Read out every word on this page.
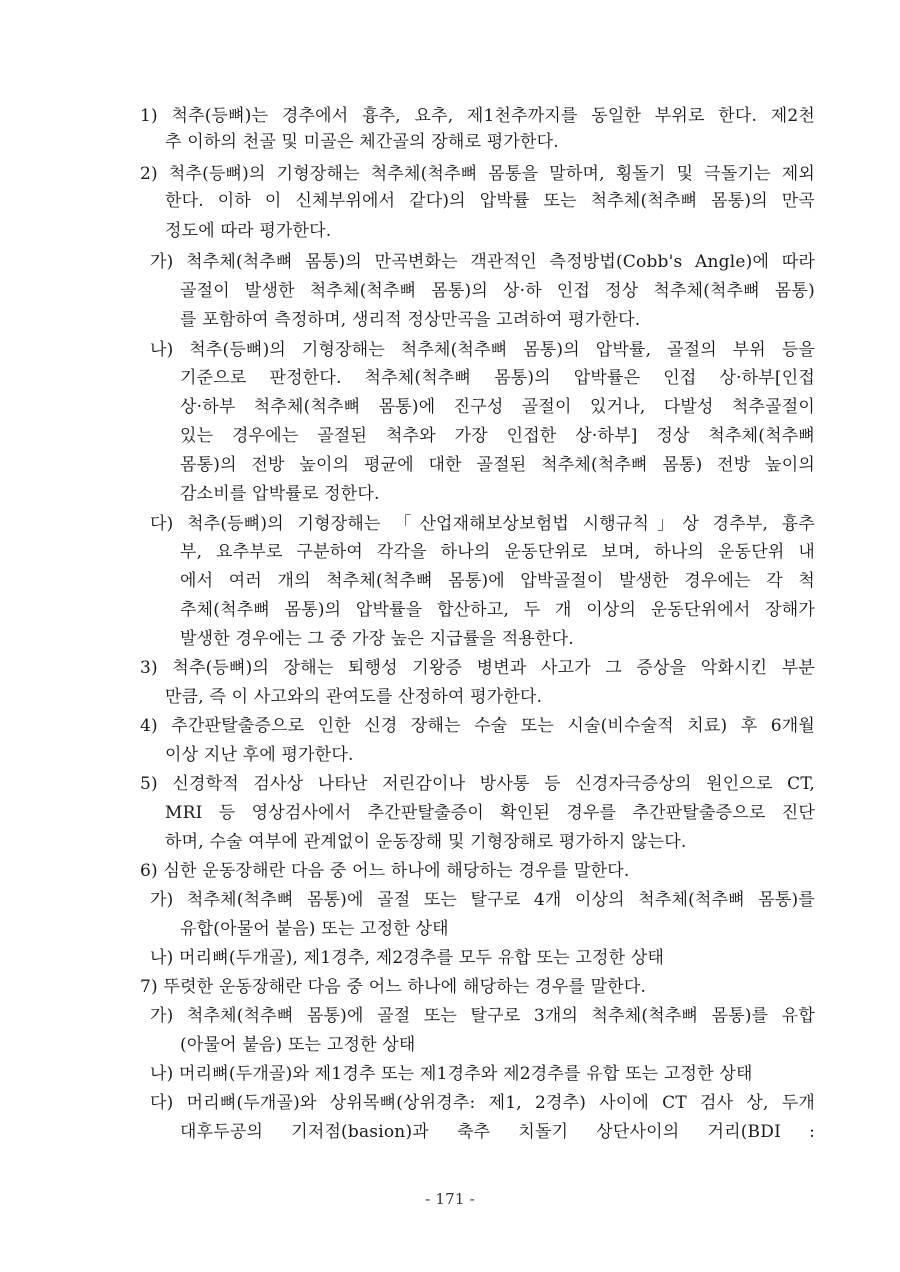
1) 척추(등뼈)는 경추에서 흉추, 요추, 제1천추까지를 동일한 부위로 한다. 제2천
추 이하의 천골 및 미골은 체간골의 장해로 평가한다.
2) 척추(등뼈)의 기형장해는 척추체(척추뼈 몸통을 말하며, 횡돌기 및 극돌기는 제외
한다. 이하 이 신체부위에서 같다)의 압박률 또는 척추체(척추뼈 몸통)의 만곡
정도에 따라 평가한다.
가) 척추체(척추뼈 몸통)의 만곡변화는 객관적인 측정방법(Cobb's Angle)에 따라
골절이 발생한 척추체(척추뼈 몸통)의 상·하 인접 정상 척추체(척추뼈 몸통)
를 포함하여 측정하며, 생리적 정상만곡을 고려하여 평가한다.
나) 척추(등뼈)의 기형장해는 척추체(척추뼈 몸통)의 압박률, 골절의 부위 등을
기준으로 판정한다. 척추체(척추뼈 몸통)의 압박률은 인접 상·하부[인접
상·하부 척추체(척추뼈 몸통)에 진구성 골절이 있거나, 다발성 척추골절이
있는 경우에는 골절된 척추와 가장 인접한 상·하부] 정상 척추체(척추뼈
몸통)의 전방 높이의 평균에 대한 골절된 척추체(척추뼈 몸통) 전방 높이의
감소비를 압박률로 정한다.
다) 척추(등뼈)의 기형장해는 「산업재해보상보험법 시행규칙」상 경추부, 흉추
부, 요추부로 구분하여 각각을 하나의 운동단위로 보며, 하나의 운동단위 내
에서 여러 개의 척추체(척추뼈 몸통)에 압박골절이 발생한 경우에는 각 척
추체(척추뼈 몸통)의 압박률을 합산하고, 두 개 이상의 운동단위에서 장해가
발생한 경우에는 그 중 가장 높은 지급률을 적용한다.
3) 척추(등뼈)의 장해는 퇴행성 기왕증 병변과 사고가 그 증상을 악화시킨 부분
만큼, 즉 이 사고와의 관여도를 산정하여 평가한다.
4) 추간판탈출증으로 인한 신경 장해는 수술 또는 시술(비수술적 치료) 후 6개월
이상 지난 후에 평가한다.
5) 신경학적 검사상 나타난 저린감이나 방사통 등 신경자극증상의 원인으로 CT,
MRI 등 영상검사에서 추간판탈출증이 확인된 경우를 추간판탈출증으로 진단
하며, 수술 여부에 관계없이 운동장해 및 기형장해로 평가하지 않는다.
6) 심한 운동장해란 다음 중 어느 하나에 해당하는 경우를 말한다.
가) 척추체(척추뼈 몸통)에 골절 또는 탈구로 4개 이상의 척추체(척추뼈 몸통)를
유합(아물어 붙음) 또는 고정한 상태
나) 머리뼈(두개골), 제1경추, 제2경추를 모두 유합 또는 고정한 상태
7) 뚜렷한 운동장해란 다음 중 어느 하나에 해당하는 경우를 말한다.
가) 척추체(척추뼈 몸통)에 골절 또는 탈구로 3개의 척추체(척추뼈 몸통)를 유합
(아물어 붙음) 또는 고정한 상태
나) 머리뼈(두개골)와 제1경추 또는 제1경추와 제2경추를 유합 또는 고정한 상태
다) 머리뼈(두개골)와 상위목뼈(상위경추: 제1, 2경추) 사이에 CT 검사 상, 두개
대후두공의 기저점(basion)과 축추 치돌기 상단사이의 거리(BDI :
- 171 -
